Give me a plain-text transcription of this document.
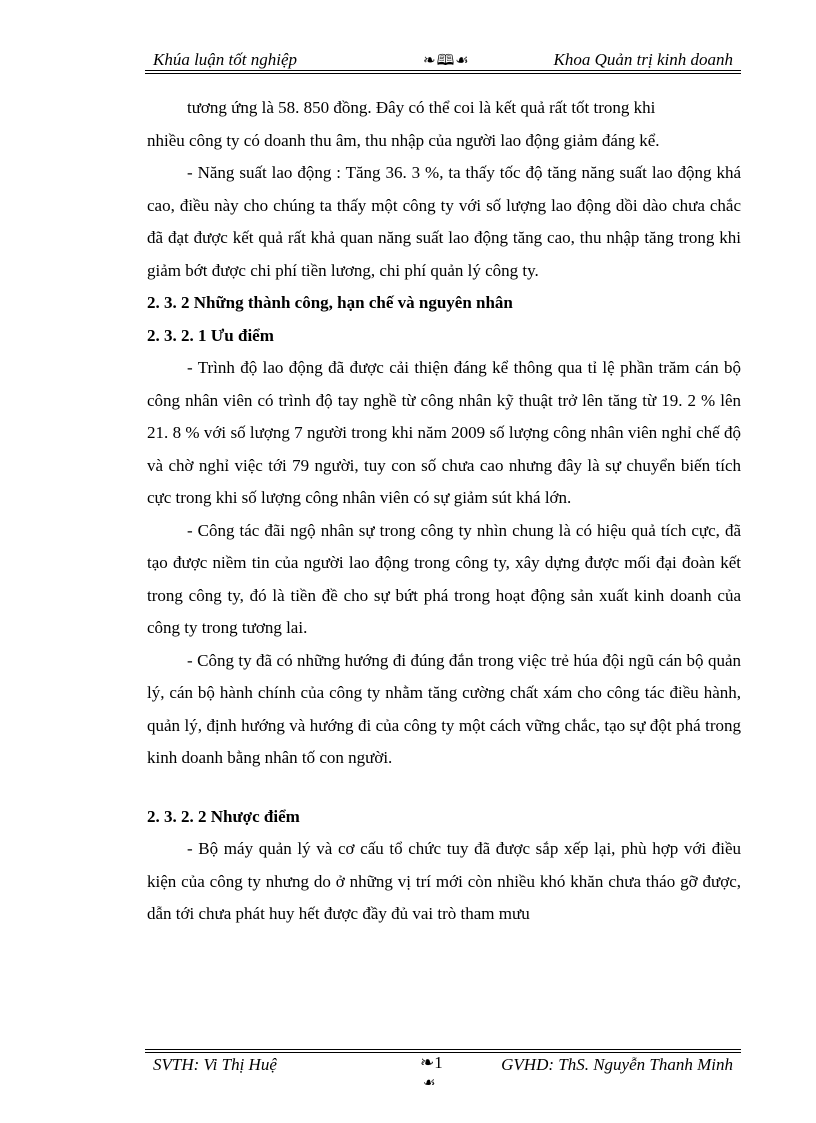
Khúa luận tốt nghiệp	❧🕮☙	Khoa Quản trị kinh doanh

tương ứng là 58. 850 đồng. Đây có thể coi là kết quả rất tốt trong khi

nhiều công ty có doanh thu âm, thu nhập của người lao động giảm đáng kể.

- Năng suất lao động : Tăng 36. 3 %, ta thấy tốc độ tăng năng suất lao động khá cao, điều này cho chúng ta thấy một công ty với số lượng lao động dồi dào chưa chắc đã đạt được kết quả rất khả quan năng suất lao động tăng cao, thu nhập tăng trong khi giảm bớt được chi phí tiền lương, chi phí quản lý công ty.

2. 3. 2 Những thành công, hạn chế và nguyên nhân

2. 3. 2. 1 Ưu điểm

- Trình độ lao động đã được cải thiện đáng kể thông qua tỉ lệ phần trăm cán bộ công nhân viên có trình độ tay nghề từ công nhân kỹ thuật trở lên tăng từ 19. 2 % lên 21. 8 % với số lượng 7 người trong khi năm 2009 số lượng công nhân viên nghỉ chế độ và chờ nghỉ việc tới 79 người, tuy con số chưa cao nhưng đây là sự chuyển biến tích cực trong khi số lượng công nhân viên có sự giảm sút khá lớn.

- Công tác đãi ngộ nhân sự trong công ty nhìn chung là có hiệu quả tích cực, đã tạo được niềm tin của người lao động trong công ty, xây dựng được mối đại đoàn kết trong công ty, đó là tiền đề cho sự bứt phá trong hoạt động sản xuất kinh doanh của công ty trong tương lai.

- Công ty đã có những hướng đi đúng đắn trong việc trẻ húa đội ngũ cán bộ quản lý, cán bộ hành chính của công ty nhằm tăng cường chất xám cho công tác điều hành, quản lý, định hướng và hướng đi của công ty một cách vững chắc, tạo sự đột phá trong kinh doanh bằng nhân tố con người.

2. 3. 2. 2 Nhược điểm

- Bộ máy quản lý và cơ cấu tổ chức tuy đã được sắp xếp lại, phù hợp với điều kiện của công ty nhưng do ở những vị trí mới còn nhiều khó khăn chưa tháo gỡ được, dẫn tới chưa phát huy hết được đầy đủ vai trò tham mưu

SVTH: Vi Thị Huệ	❧1	GVHD: ThS. Nguyễn Thanh Minh
☙
